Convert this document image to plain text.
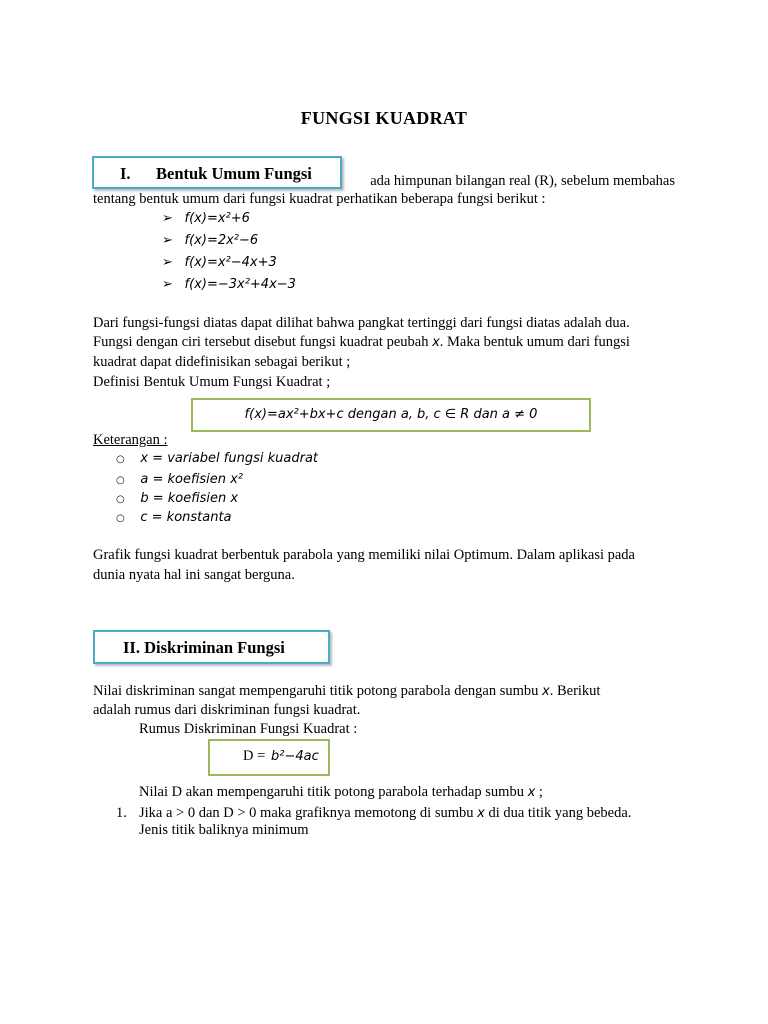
FUNGSI KUADRAT
ada himpunan bilangan real (R), sebelum membahas
tentang bentuk umum dari fungsi kuadrat perhatikan beberapa fungsi berikut :
I. Bentuk Umum Fungsi
➢ f(x)=x²+6
➢ f(x)=2x²−6
➢ f(x)=x²−4x+3
➢ f(x)=−3x²+4x−3
Dari fungsi-fungsi diatas dapat dilihat bahwa pangkat tertinggi dari fungsi diatas adalah dua.
Fungsi dengan ciri tersebut disebut fungsi kuadrat peubah x. Maka bentuk umum dari fungsi
kuadrat dapat didefinisikan sebagai berikut ;
Definisi Bentuk Umum Fungsi Kuadrat ;
f(x)=ax²+bx+c dengan a, b, c ∈ R dan a ≠ 0
Keterangan :
○ x = variabel fungsi kuadrat
○ a = koefisien x²
○ b = koefisien x
○ c = konstanta
Grafik fungsi kuadrat berbentuk parabola yang memiliki nilai Optimum. Dalam aplikasi pada
dunia nyata hal ini sangat berguna.
II. Diskriminan Fungsi
Nilai diskriminan sangat mempengaruhi titik potong parabola dengan sumbu x. Berikut
adalah rumus dari diskriminan fungsi kuadrat.
Rumus Diskriminan Fungsi Kuadrat :
D = b²−4ac
Nilai D akan mempengaruhi titik potong parabola terhadap sumbu x ;
1. Jika a > 0 dan D > 0 maka grafiknya memotong di sumbu x di dua titik yang bebeda.
Jenis titik baliknya minimum
